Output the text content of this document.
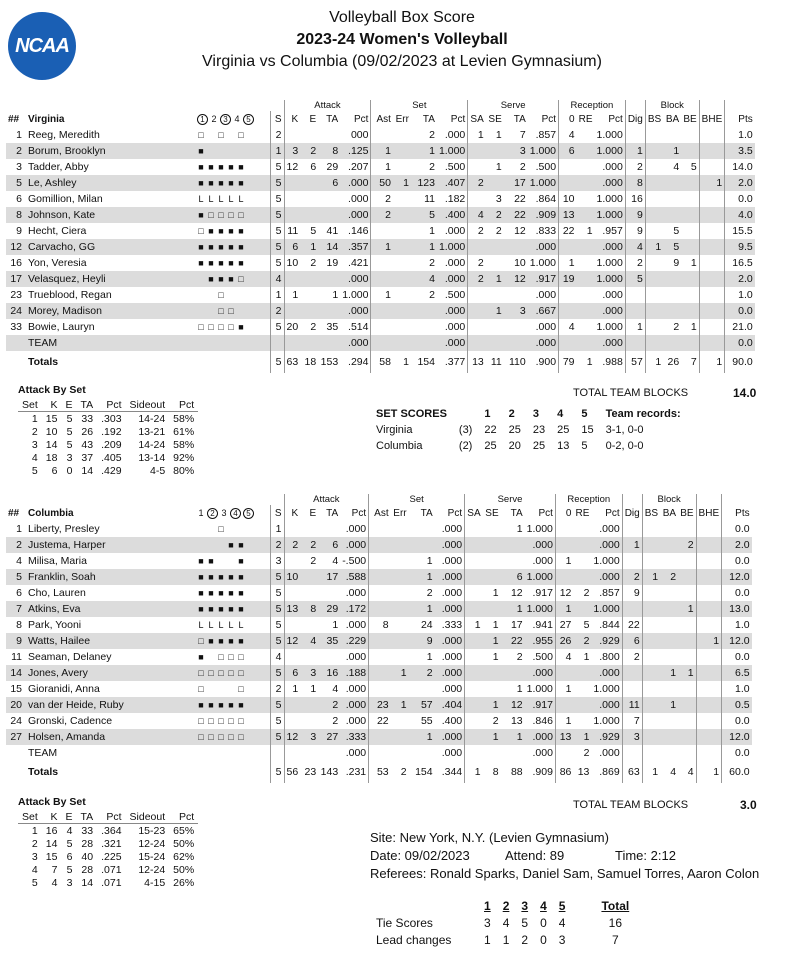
NCAA
Volleyball Box Score
2023-24 Women's Volleyball
Virginia vs Columbia (09/02/2023 at Levien Gymnasium)
				Attack				Set				Serve				Reception				Block				
##	Virginia	1 2 3 4 5	S	K	E	TA	Pct	Ast	Err	TA	Pct	SA	SE	TA	Pct	0	RE	Pct	Dig	BS	BA	BE	BHE	Pts
1	Reeg, Meredith	□ □ □	2				000			2	.000	1	1	7	.857	4		1.000						1.0
2	Borum, Brooklyn	■	1	3	2	8	.125	1		1	1.000			3	1.000	6		1.000	1		1			3.5
3	Tadder, Abby	■ ■ ■ ■ ■	5	12	6	29	.207	1		2	.500		1	2	.500			.000	2		4	5		14.0
5	Le, Ashley	■ ■ ■ ■ ■	5			6	.000	50	1	123	.407	2		17	1.000			.000	8				1	2.0
6	Gomillion, Milan	L L L L L	5				.000	2		11	.182		3	22	.864	10		1.000	16					0.0
8	Johnson, Kate	■ □ □ □ □	5				.000	2		5	.400	4	2	22	.909	13		1.000	9					4.0
9	Hecht, Ciera	□ ■ ■ ■ ■	5	11	5	41	.146			1	.000	2	2	12	.833	22	1	.957	9		5			15.5
12	Carvacho, GG	■ ■ ■ ■ ■	5	6	1	14	.357	1		1	1.000				.000			.000	4	1	5			9.5
16	Yon, Veresia	■ ■ ■ ■ ■	5	10	2	19	.421			2	.000	2		10	1.000	1		1.000	2		9	1		16.5
17	Velasquez, Heyli	■ ■ ■ □	4				.000			4	.000	2	1	12	.917	19		1.000	5					2.0
23	Trueblood, Regan	□	1	1		1	1.000	1		2	.500				.000			.000						1.0
24	Morey, Madison	□ □	2				.000				.000		1	3	.667			.000						0.0
33	Bowie, Lauryn	□ □ □ □ ■	5	20	2	35	.514				.000				.000	4		1.000	1		2	1		21.0
	TEAM						.000				.000				.000			.000						0.0
	Totals		5	63	18	153	.294	58	1	154	.377	13	11	110	.900	79	1	.988	57	1	26	7	1	90.0
				Attack				Set				Serve				Reception				Block				
##	Columbia	1 2 3 4 5	S	K	E	TA	Pct	Ast	Err	TA	Pct	SA	SE	TA	Pct	0	RE	Pct	Dig	BS	BA	BE	BHE	Pts
1	Liberty, Presley	□	1				.000				.000			1	1.000			.000						0.0
2	Justema, Harper	■ ■	2	2	2	6	.000				.000				.000			.000	1			2		2.0
4	Milisa, Maria	■ ■ ■	3		2	4	-.500			1	.000				.000	1		1.000						0.0
5	Franklin, Soah	■ ■ ■ ■ ■	5	10		17	.588			1	.000			6	1.000			.000	2	1	2			12.0
6	Cho, Lauren	■ ■ ■ ■ ■	5				.000			2	.000		1	12	.917	12	2	.857	9					0.0
7	Atkins, Eva	■ ■ ■ ■ ■	5	13	8	29	.172			1	.000			1	1.000	1		1.000				1		13.0
8	Park, Yooni	L L L L L	5			1	.000	8		24	.333	1	1	17	.941	27	5	.844	22					1.0
9	Watts, Hailee	□ ■ ■ ■ ■	5	12	4	35	.229			9	.000		1	22	.955	26	2	.929	6				1	12.0
11	Seaman, Delaney	■ □ □ □	4				.000			1	.000		1	2	.500	4	1	.800	2					0.0
14	Jones, Avery	□ □ □ □ □	5	6	3	16	.188		1	2	.000				.000			.000			1	1		6.5
15	Gioranidi, Anna	□ □	2	1	1	4	.000				.000			1	1.000	1		1.000						1.0
20	van der Heide, Ruby	■ ■ ■ ■ ■	5			2	.000	23	1	57	.404		1	12	.917			.000	11		1			0.5
24	Gronski, Cadence	□ □ □ □ □	5			2	.000	22		55	.400		2	13	.846	1		1.000	7					0.0
27	Holsen, Amanda	□ □ □ □ □	5	12	3	27	.333			1	.000		1	1	.000	13	1	.929	3					12.0
	TEAM						.000				.000				.000		2	.000						0.0
	Totals		5	56	23	143	.231	53	2	154	.344	1	8	88	.909	86	13	.869	63	1	4	4	1	60.0
Attack By Set
Set	K	E	TA	Pct	Sideout	Pct
1	15	5	33	.303	14-24	58%
2	10	5	26	.192	13-21	61%
3	14	5	43	.209	14-24	58%
4	18	3	37	.405	13-14	92%
5	6	0	14	.429	4-5	80%
Attack By Set
Set	K	E	TA	Pct	Sideout	Pct
1	16	4	33	.364	15-23	65%
2	14	5	28	.321	12-24	50%
3	15	6	40	.225	15-24	62%
4	7	5	28	.071	12-24	50%
5	4	3	14	.071	4-15	26%
TOTAL TEAM BLOCKS	14.0
TOTAL TEAM BLOCKS	3.0
SET SCORES		1	2	3	4	5	Team records:
Virginia	(3)	22	25	23	25	15	3-1, 0-0
Columbia	(2)	25	20	25	13	5	0-2, 0-0
Site: New York, N.Y. (Levien Gymnasium)
Date: 09/02/2023	Attend: 89	Time: 2:12
Referees: Ronald Sparks, Daniel Sam, Samuel Torres, Aaron Colon
	1	2	3	4	5	Total
Tie Scores	3	4	5	0	4	16
Lead changes	1	1	2	0	3	7
